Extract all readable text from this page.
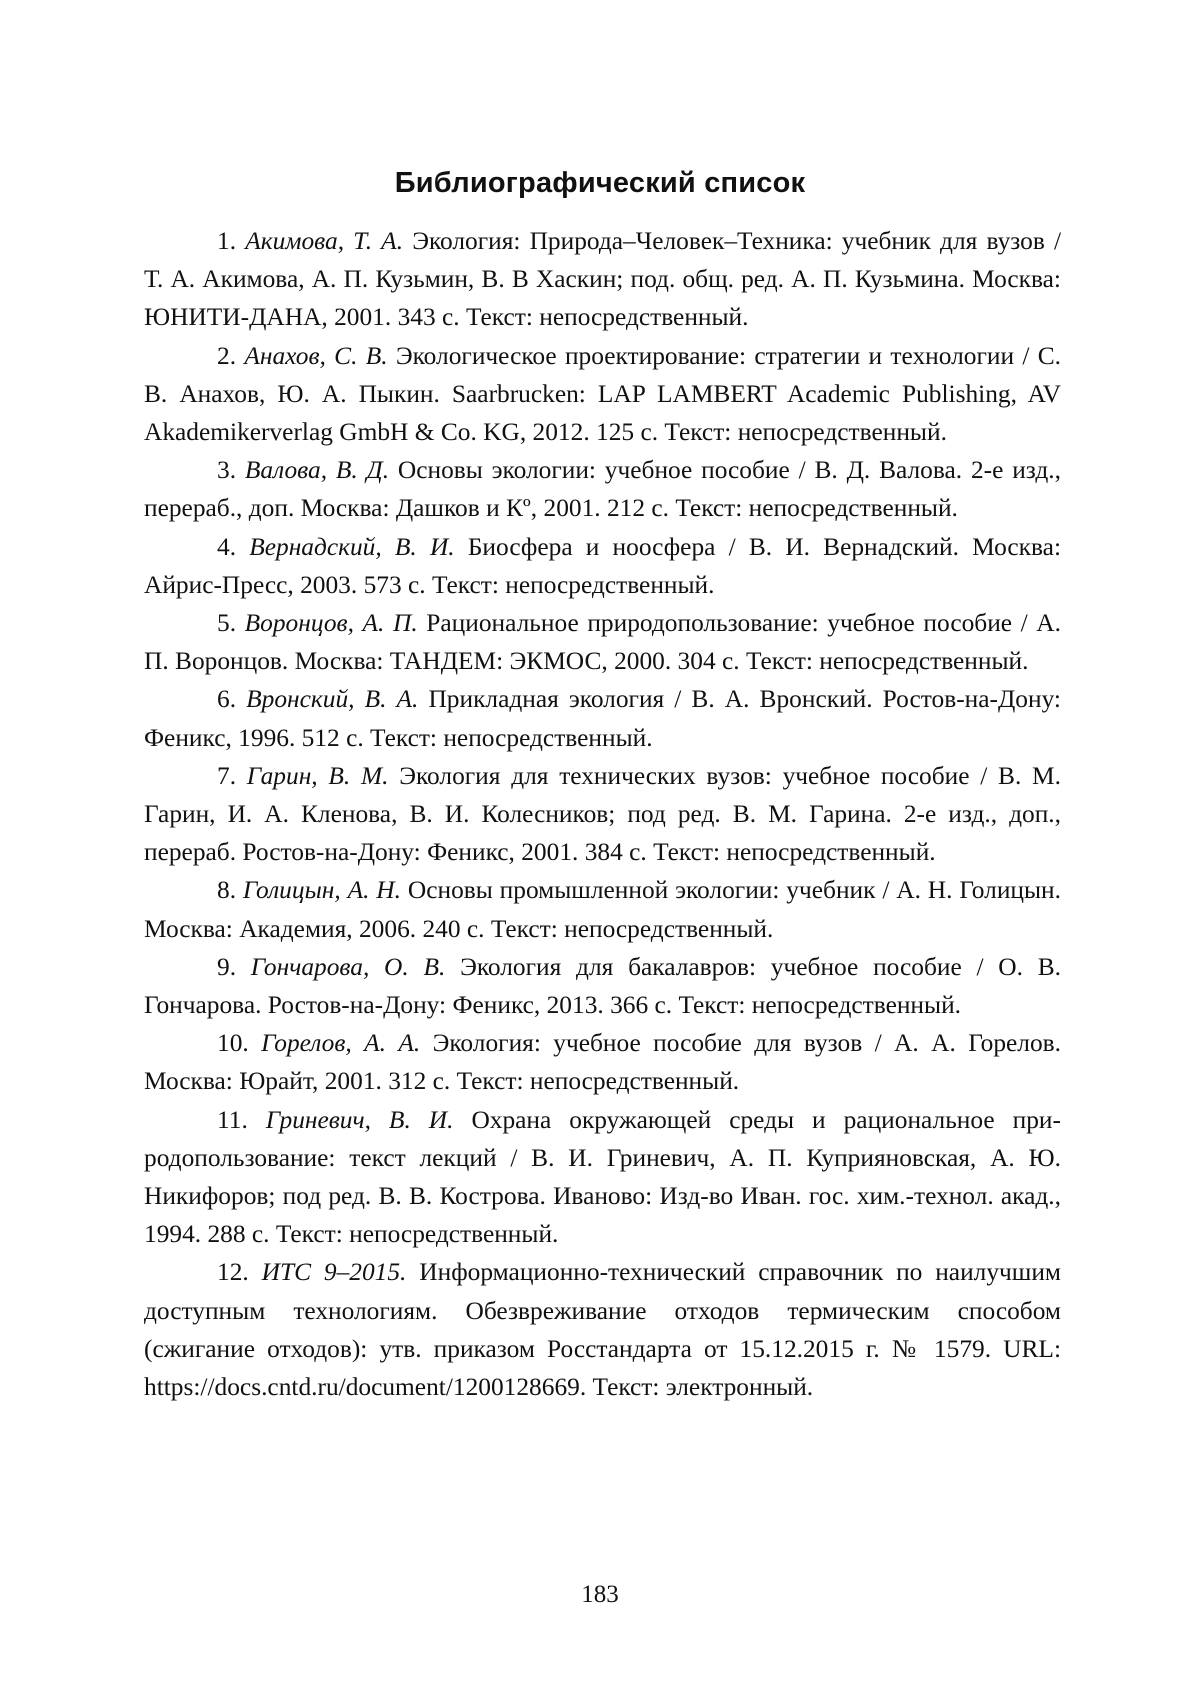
Библиографический список
1. Акимова, Т. А. Экология: Природа–Человек–Техника: учебник для вузов / Т. А. Акимова, А. П. Кузьмин, В. В Хаскин; под. общ. ред. А. П. Кузь­мина. Москва: ЮНИТИ-ДАНА, 2001. 343 с. Текст: непосредственный.
2. Анахов, С. В. Экологическое проектирование: стратегии и техноло­гии / С. В. Анахов, Ю. А. Пыкин. Saarbrucken: LAP LAMBERT Academic Publishing, AV Akademikerverlag GmbH & Co. KG, 2012. 125 с. Текст: непо­средственный.
3. Валова, В. Д. Основы экологии: учебное пособие / В. Д. Валова. 2-е изд., перераб., доп. Москва: Дашков и Кº, 2001. 212 с. Текст: непо­средственный.
4. Вернадский, В. И. Биосфера и ноосфера / В. И. Вернадский. Моск­ва: Айрис-Пресс, 2003. 573 с. Текст: непосредственный.
5. Воронцов, А. П. Рациональное природопользование: учебное посо­бие / А. П. Воронцов. Москва: ТАНДЕМ: ЭКМОС, 2000. 304 с. Текст: не­посредственный.
6. Вронский, В. А. Прикладная экология / В. А. Вронский. Ростов-на-Дону: Феникс, 1996. 512 с. Текст: непосредственный.
7. Гарин, В. М. Экология для технических вузов: учебное пособие / В. М. Гарин, И. А. Кленова, В. И. Колесников; под ред. В. М. Гарина. 2-е изд., доп., перераб. Ростов-на-Дону: Феникс, 2001. 384 с. Текст: непосредственный.
8. Голицын, А. Н. Основы промышленной экологии: учебник / А. Н. Го­лицын. Москва: Академия, 2006. 240 с. Текст: непосредственный.
9. Гончарова, О. В. Экология для бакалавров: учебное пособие / О. В. Гончарова. Ростов-на-Дону: Феникс, 2013. 366 с. Текст: непосредст­венный.
10. Горелов, А. А. Экология: учебное пособие для вузов / А. А. Горе­лов. Москва: Юрайт, 2001. 312 с. Текст: непосредственный.
11. Гриневич, В. И. Охрана окружающей среды и рациональное при­родопользование: текст лекций / В. И. Гриневич, А. П. Куприяновская, А. Ю. Никифоров; под ред. В. В. Кострова. Иваново: Изд-во Иван. гос. хим.-технол. акад., 1994. 288 с. Текст: непосредственный.
12. ИТС 9–2015. Информационно-технический справочник по наи­лучшим доступным технологиям. Обезвреживание отходов термическим способом (сжигание отходов): утв. приказом Росстандарта от 15.12.2015 г. № 1579. URL: https://docs.cntd.ru/document/1200128669. Текст: электронный.
183
